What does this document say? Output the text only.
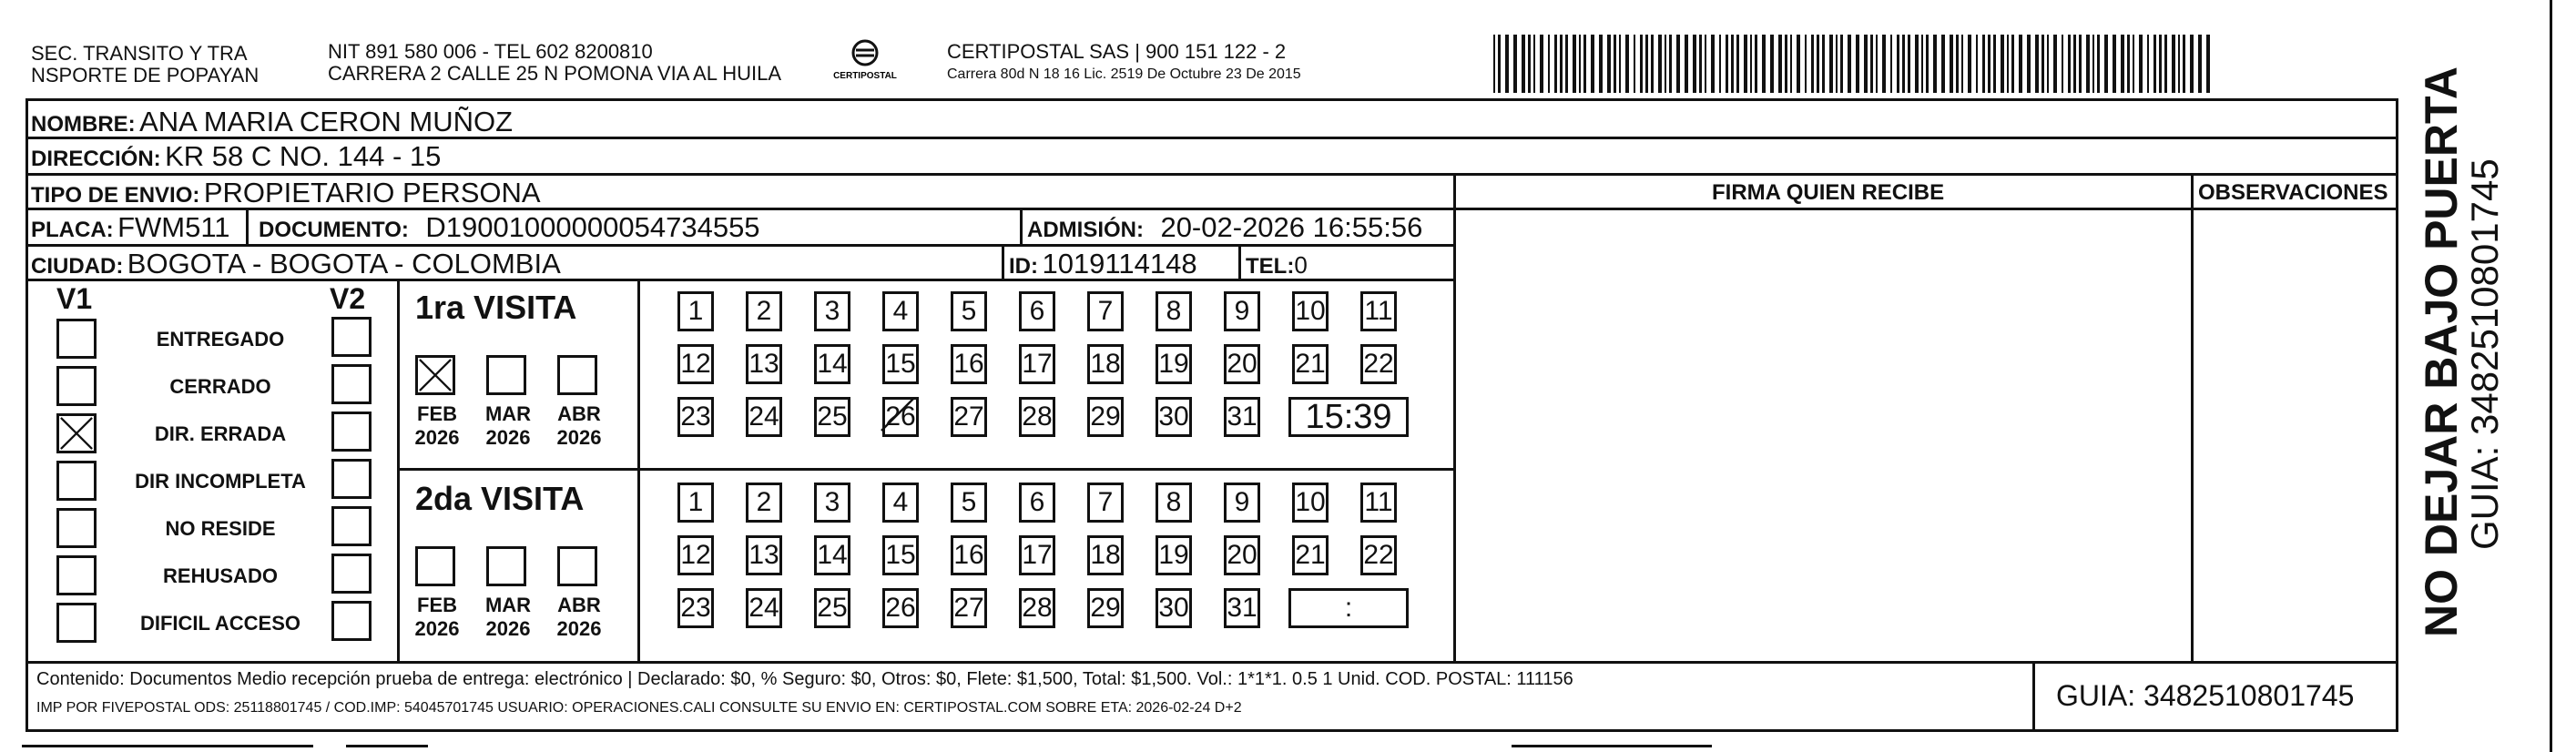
SEC. TRANSITO Y TRA
NSPORTE DE POPAYAN
NIT 891 580 006 - TEL 602 8200810
CARRERA 2 CALLE 25 N POMONA VIA AL HUILA	CERTIPOSTAL
CERTIPOSTAL SAS | 900 151 122 - 2
Carrera 80d N 18 16 Lic. 2519 De Octubre 23 De 2015
NOMBRE: ANA MARIA CERON MUÑOZ
DIRECCIÓN: KR 58 C NO. 144 - 15
TIPO DE ENVIO: PROPIETARIO PERSONA	FIRMA QUIEN RECIBE	OBSERVACIONES
PLACA: FWM511 DOCUMENTO: D19001000000054734555	ADMISIÓN: 20-02-2026 16:55:56
CIUDAD: BOGOTA - BOGOTA - COLOMBIA	ID: 1019114148 TEL:0
V1	V2
ENTREGADO
CERRADO
DIR. ERRADA
DIR INCOMPLETA
NO RESIDE
REHUSADO
DIFICIL ACCESO
1ra VISITA
2da VISITA
FEB
2026
MAR
2026
ABR
2026
1	2	3	4	5	6	7	8	9	10 11
12 13 14 15 16 17 18 19 20 21 22
23 24 25 26 27 28 29 30 31	15:39
FEB
2026
MAR
2026
ABR
2026
1	2	3	4	5	6	7	8	9	10 11
12 13 14 15 16 17 18 19 20 21 22
23 24 25 26 27 28 29 30 31	:
Contenido: Documentos Medio recepción prueba de entrega: electrónico | Declarado: $0, % Seguro: $0, Otros: $0, Flete: $1,500, Total: $1,500. Vol.: 1*1*1. 0.5 1 Unid. COD. POSTAL: 111156
IMP POR FIVEPOSTAL ODS: 25118801745 / COD.IMP: 54045701745 USUARIO: OPERACIONES.CALI CONSULTE SU ENVIO EN: CERTIPOSTAL.COM SOBRE ETA: 2026-02-24 D+2	GUIA: 3482510801745
NO DEJAR BAJO PUERTA
GUIA: 3482510801745
